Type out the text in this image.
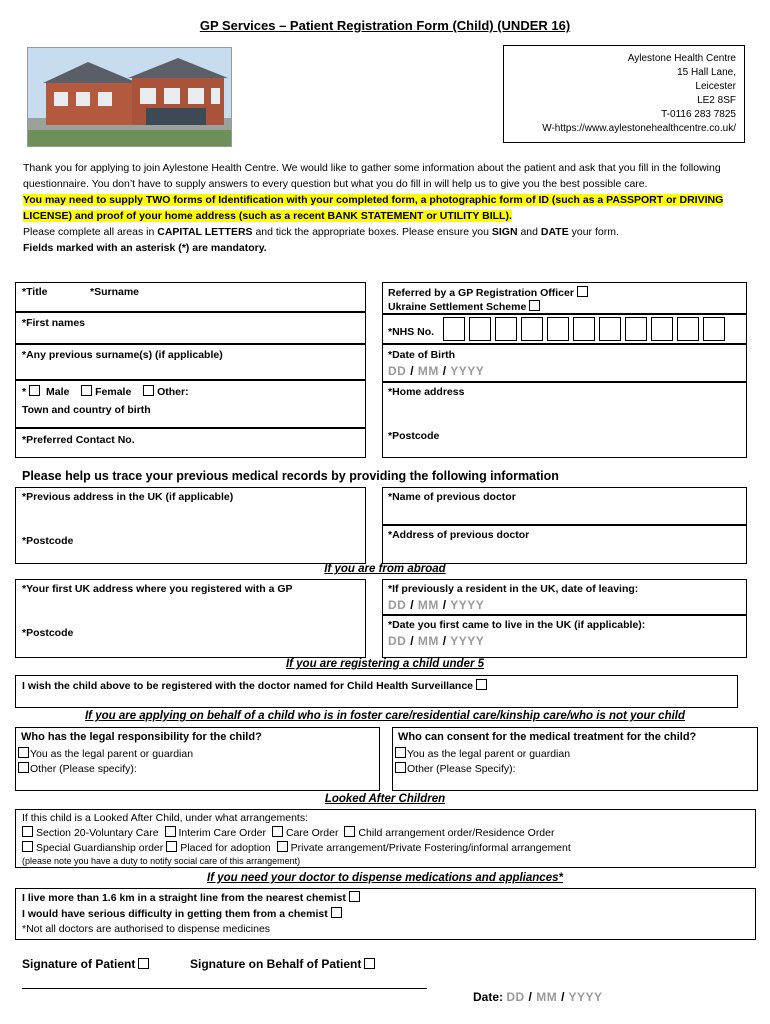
GP Services – Patient Registration Form (Child) (UNDER 16)
Aylestone Health Centre
15 Hall Lane,
Leicester
LE2 8SF
T-0116 283 7825
W-https://www.aylestonehealthcentre.co.uk/
Thank you for applying to join Aylestone Health Centre. We would like to gather some information about the patient and ask that you fill in the following questionnaire. You don’t have to supply answers to every question but what you do fill in will help us to give you the best possible care.
You may need to supply TWO forms of Identification with your completed form, a photographic form of ID (such as a PASSPORT or DRIVING LICENSE) and proof of your home address (such as a recent BANK STATEMENT or UTILITY BILL).
Please complete all areas in CAPITAL LETTERS and tick the appropriate boxes. Please ensure you SIGN and DATE your form.
Fields marked with an asterisk (*) are mandatory.
*Title	*Surname
*First names
*Any previous surname(s) (if applicable)
* Male Female Other:
Town and country of birth
*Preferred Contact No.
Referred by a GP Registration Officer
Ukraine Settlement Scheme
*NHS No.
*Date of Birth
DD / MM / YYYY
*Home address
*Postcode
Please help us trace your previous medical records by providing the following information
*Previous address in the UK (if applicable)
*Postcode
*Name of previous doctor
*Address of previous doctor
If you are from abroad
*Your first UK address where you registered with a GP
*Postcode
*If previously a resident in the UK, date of leaving:
DD / MM / YYYY
*Date you first came to live in the UK (if applicable):
DD / MM / YYYY
If you are registering a child under 5
I wish the child above to be registered with the doctor named for Child Health Surveillance
If you are applying on behalf of a child who is in foster care/residential care/kinship care/who is not your child
Who has the legal responsibility for the child?
You as the legal parent or guardian
Other (Please specify):
Who can consent for the medical treatment for the child?
You as the legal parent or guardian
Other (Please Specify):
Looked After Children
If this child is a Looked After Child, under what arrangements:
Section 20-Voluntary Care Interim Care Order Care Order Child arrangement order/Residence Order
Special Guardianship order Placed for adoption Private arrangement/Private Fostering/informal arrangement
(please note you have a duty to notify social care of this arrangement)
If you need your doctor to dispense medications and appliances*
I live more than 1.6 km in a straight line from the nearest chemist
I would have serious difficulty in getting them from a chemist
*Not all doctors are authorised to dispense medicines
Signature of Patient	Signature on Behalf of Patient
Date: DD / MM / YYYY
